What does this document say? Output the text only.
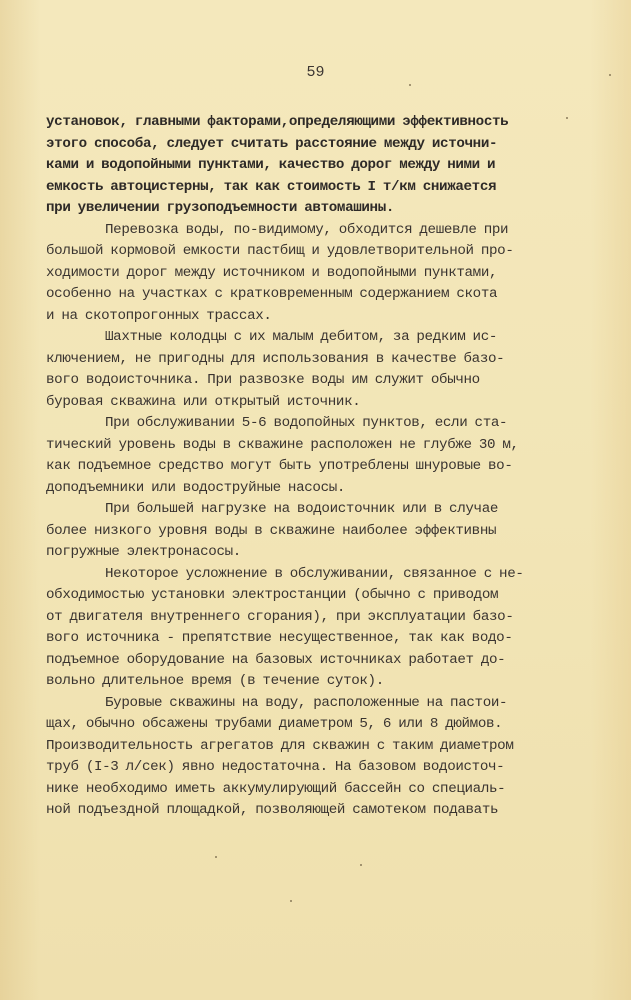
59
установок, главными факторами,определяющими эффективность
этого способа, следует считать расстояние между источни-
ками и водопойными пунктами, качество дорог между ними и
емкость автоцистерны, так как стоимость I т/км снижается
при увеличении грузоподъемности автомашины.
Перевозка воды, по-видимому, обходится дешевле при
большой кормовой емкости пастбищ и удовлетворительной про-
ходимости дорог между источником и водопойными пунктами,
особенно на участках с кратковременным содержанием скота
и на скотопрогонных трассах.
Шахтные колодцы с их малым дебитом, за редким ис-
ключением, не пригодны для использования в качестве базо-
вого водоисточника. При развозке воды им служит обычно
буровая скважина или открытый источник.
При обслуживании 5-6 водопойных пунктов, если ста-
тический уровень воды в скважине расположен не глубже 30 м,
как подъемное средство могут быть употреблены шнуровые во-
доподъемники или водоструйные насосы.
При большей нагрузке на водоисточник или в случае
более низкого уровня воды в скважине наиболее эффективны
погружные электронасосы.
Некоторое усложнение в обслуживании, связанное с не-
обходимостью установки электростанции (обычно с приводом
от двигателя внутреннего сгорания), при эксплуатации базо-
вого источника - препятствие несущественное, так как водо-
подъемное оборудование на базовых источниках работает до-
вольно длительное время (в течение суток).
Буровые скважины на воду, расположенные на пастои-
щах, обычно обсажены трубами диаметром 5, 6 или 8 дюймов.
Производительность агрегатов для скважин с таким диаметром
труб (I-3 л/сек) явно недостаточна. На базовом водоисточ-
нике необходимо иметь аккумулирующий бассейн со специаль-
ной подъездной площадкой, позволяющей самотеком подавать
